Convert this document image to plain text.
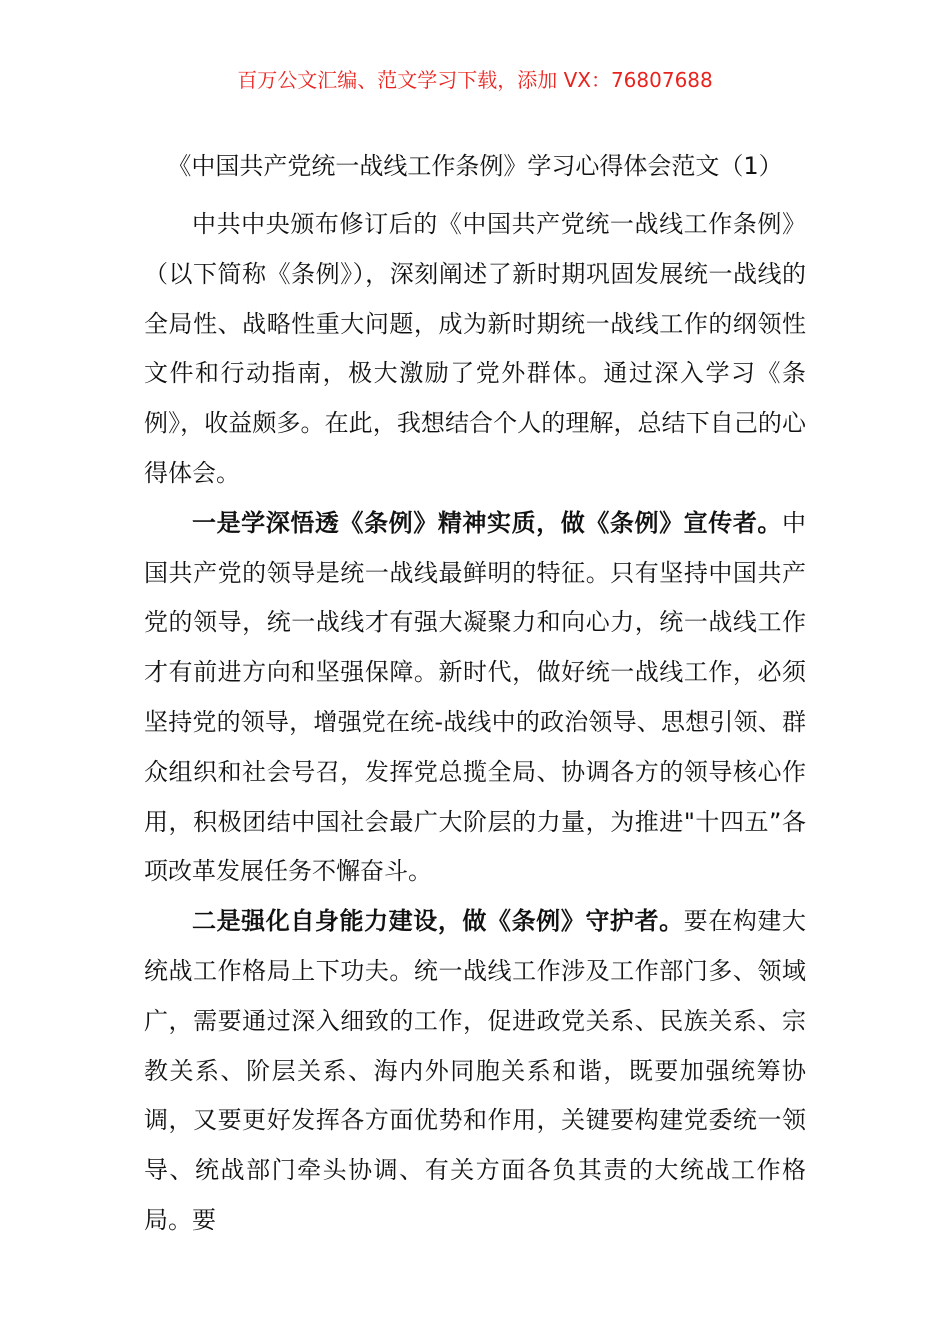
百万公文汇编、范文学习下载，添加 VX：76807688
《中国共产党统一战线工作条例》学习心得体会范文（1）

中共中央颁布修订后的《中国共产党统一战线工作条例》（以下简称《条例》），深刻阐述了新时期巩固发展统一战线的全局性、战略性重大问题，成为新时期统一战线工作的纲领性文件和行动指南，极大激励了党外群体。通过深入学习《条例》，收益颇多。在此，我想结合个人的理解，总结下自己的心得体会。

一是学深悟透《条例》精神实质，做《条例》宣传者。中国共产党的领导是统一战线最鲜明的特征。只有坚持中国共产党的领导，统一战线才有强大凝聚力和向心力，统一战线工作才有前进方向和坚强保障。新时代，做好统一战线工作，必须坚持党的领导，增强党在统-战线中的政治领导、思想引领、群众组织和社会号召，发挥党总揽全局、协调各方的领导核心作用，积极团结中国社会最广大阶层的力量，为推进"十四五”各项改革发展任务不懈奋斗。

二是强化自身能力建设，做《条例》守护者。要在构建大统战工作格局上下功夫。统一战线工作涉及工作部门多、领域广，需要通过深入细致的工作，促进政党关系、民族关系、宗教关系、阶层关系、海内外同胞关系和谐，既要加强统筹协调，又要更好发挥各方面优势和作用，关键要构建党委统一领导、统战部门牵头协调、有关方面各负其责的大统战工作格局。要
